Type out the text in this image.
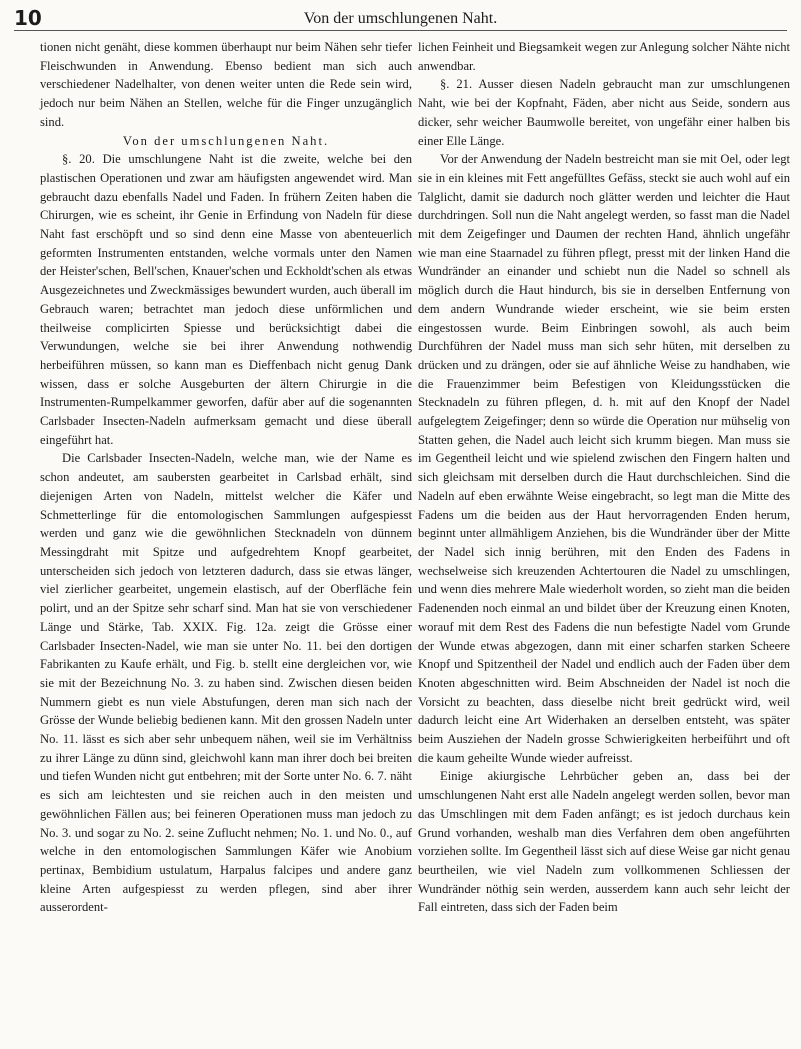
10	Von der umschlungenen Naht.

tionen nicht genäht, diese kommen überhaupt nur beim Nähen sehr tiefer Fleischwunden in Anwendung. Ebenso bedient man sich auch verschiedener Nadelhalter, von denen weiter unten die Rede sein wird, jedoch nur beim Nähen an Stellen, welche für die Finger unzugänglich sind.

Von der umschlungenen Naht.

§. 20. Die umschlungene Naht ist die zweite, welche bei den plastischen Operationen und zwar am häufigsten angewendet wird. Man gebraucht dazu ebenfalls Nadel und Faden. In frühern Zeiten haben die Chirurgen, wie es scheint, ihr Genie in Erfindung von Nadeln für diese Naht fast erschöpft und so sind denn eine Masse von abenteuerlich geformten Instrumenten entstanden, welche vormals unter den Namen der Heister'schen, Bell'schen, Knauer'schen und Eckholdt'schen als etwas Ausgezeichnetes und Zweckmässiges bewundert wurden, auch überall im Gebrauch waren; betrachtet man jedoch diese unförmlichen und theilweise complicirten Spiesse und berücksichtigt dabei die Verwundungen, welche sie bei ihrer Anwendung nothwendig herbeiführen müssen, so kann man es Dieffenbach nicht genug Dank wissen, dass er solche Ausgeburten der ältern Chirurgie in die Instrumenten-Rumpelkammer geworfen, dafür aber auf die sogenannten Carlsbader Insecten-Nadeln aufmerksam gemacht und diese überall eingeführt hat.

Die Carlsbader Insecten-Nadeln, welche man, wie der Name es schon andeutet, am saubersten gearbeitet in Carlsbad erhält, sind diejenigen Arten von Nadeln, mittelst welcher die Käfer und Schmetterlinge für die entomologischen Sammlungen aufgespiesst werden und ganz wie die gewöhnlichen Stecknadeln von dünnem Messingdraht mit Spitze und aufgedrehtem Knopf gearbeitet, unterscheiden sich jedoch von letzteren dadurch, dass sie etwas länger, viel zierlicher gearbeitet, ungemein elastisch, auf der Oberfläche fein polirt, und an der Spitze sehr scharf sind. Man hat sie von verschiedener Länge und Stärke, Tab. XXIX. Fig. 12a. zeigt die Grösse einer Carlsbader Insecten-Nadel, wie man sie unter No. 11. bei den dortigen Fabrikanten zu Kaufe erhält, und Fig. b. stellt eine dergleichen vor, wie sie mit der Bezeichnung No. 3. zu haben sind. Zwischen diesen beiden Nummern giebt es nun viele Abstufungen, deren man sich nach der Grösse der Wunde beliebig bedienen kann. Mit den grossen Nadeln unter No. 11. lässt es sich aber sehr unbequem nähen, weil sie im Verhältniss zu ihrer Länge zu dünn sind, gleichwohl kann man ihrer doch bei breiten und tiefen Wunden nicht gut entbehren; mit der Sorte unter No. 6. 7. näht es sich am leichtesten und sie reichen auch in den meisten und gewöhnlichen Fällen aus; bei feineren Operationen muss man jedoch zu No. 3. und sogar zu No. 2. seine Zuflucht nehmen; No. 1. und No. 0., auf welche in den entomologischen Sammlungen Käfer wie Anobium pertinax, Bembidium ustulatum, Harpalus falcipes und andere ganz kleine Arten aufgespiesst zu werden pflegen, sind aber ihrer ausserordent-

lichen Feinheit und Biegsamkeit wegen zur Anlegung solcher Nähte nicht anwendbar.

§. 21. Ausser diesen Nadeln gebraucht man zur umschlungenen Naht, wie bei der Kopfnaht, Fäden, aber nicht aus Seide, sondern aus dicker, sehr weicher Baumwolle bereitet, von ungefähr einer halben bis einer Elle Länge.

Vor der Anwendung der Nadeln bestreicht man sie mit Oel, oder legt sie in ein kleines mit Fett angefülltes Gefäss, steckt sie auch wohl auf ein Talglicht, damit sie dadurch noch glätter werden und leichter die Haut durchdringen. Soll nun die Naht angelegt werden, so fasst man die Nadel mit dem Zeigefinger und Daumen der rechten Hand, ähnlich ungefähr wie man eine Staarnadel zu führen pflegt, presst mit der linken Hand die Wundränder an einander und schiebt nun die Nadel so schnell als möglich durch die Haut hindurch, bis sie in derselben Entfernung von dem andern Wundrande wieder erscheint, wie sie beim ersten eingestossen wurde. Beim Einbringen sowohl, als auch beim Durchführen der Nadel muss man sich sehr hüten, mit derselben zu drücken und zu drängen, oder sie auf ähnliche Weise zu handhaben, wie die Frauenzimmer beim Befestigen von Kleidungsstücken die Stecknadeln zu führen pflegen, d. h. mit auf den Knopf der Nadel aufgelegtem Zeigefinger; denn so würde die Operation nur mühselig von Statten gehen, die Nadel auch leicht sich krumm biegen. Man muss sie im Gegentheil leicht und wie spielend zwischen den Fingern halten und sich gleichsam mit derselben durch die Haut durchschleichen. Sind die Nadeln auf eben erwähnte Weise eingebracht, so legt man die Mitte des Fadens um die beiden aus der Haut hervorragenden Enden herum, beginnt unter allmähligem Anziehen, bis die Wundränder über der Mitte der Nadel sich innig berühren, mit den Enden des Fadens in wechselweise sich kreuzenden Achtertouren die Nadel zu umschlingen, und wenn dies mehrere Male wiederholt worden, so zieht man die beiden Fadenenden noch einmal an und bildet über der Kreuzung einen Knoten, worauf mit dem Rest des Fadens die nun befestigte Nadel vom Grunde der Wunde etwas abgezogen, dann mit einer scharfen starken Scheere Knopf und Spitzentheil der Nadel und endlich auch der Faden über dem Knoten abgeschnitten wird. Beim Abschneiden der Nadel ist noch die Vorsicht zu beachten, dass dieselbe nicht breit gedrückt wird, weil dadurch leicht eine Art Widerhaken an derselben entsteht, was später beim Ausziehen der Nadeln grosse Schwierigkeiten herbeiführt und oft die kaum geheilte Wunde wieder aufreisst.

Einige akiurgische Lehrbücher geben an, dass bei der umschlungenen Naht erst alle Nadeln angelegt werden sollen, bevor man das Umschlingen mit dem Faden anfängt; es ist jedoch durchaus kein Grund vorhanden, weshalb man dies Verfahren dem oben angeführten vorziehen sollte. Im Gegentheil lässt sich auf diese Weise gar nicht genau beurtheilen, wie viel Nadeln zum vollkommenen Schliessen der Wundränder nöthig sein werden, ausserdem kann auch sehr leicht der Fall eintreten, dass sich der Faden beim
